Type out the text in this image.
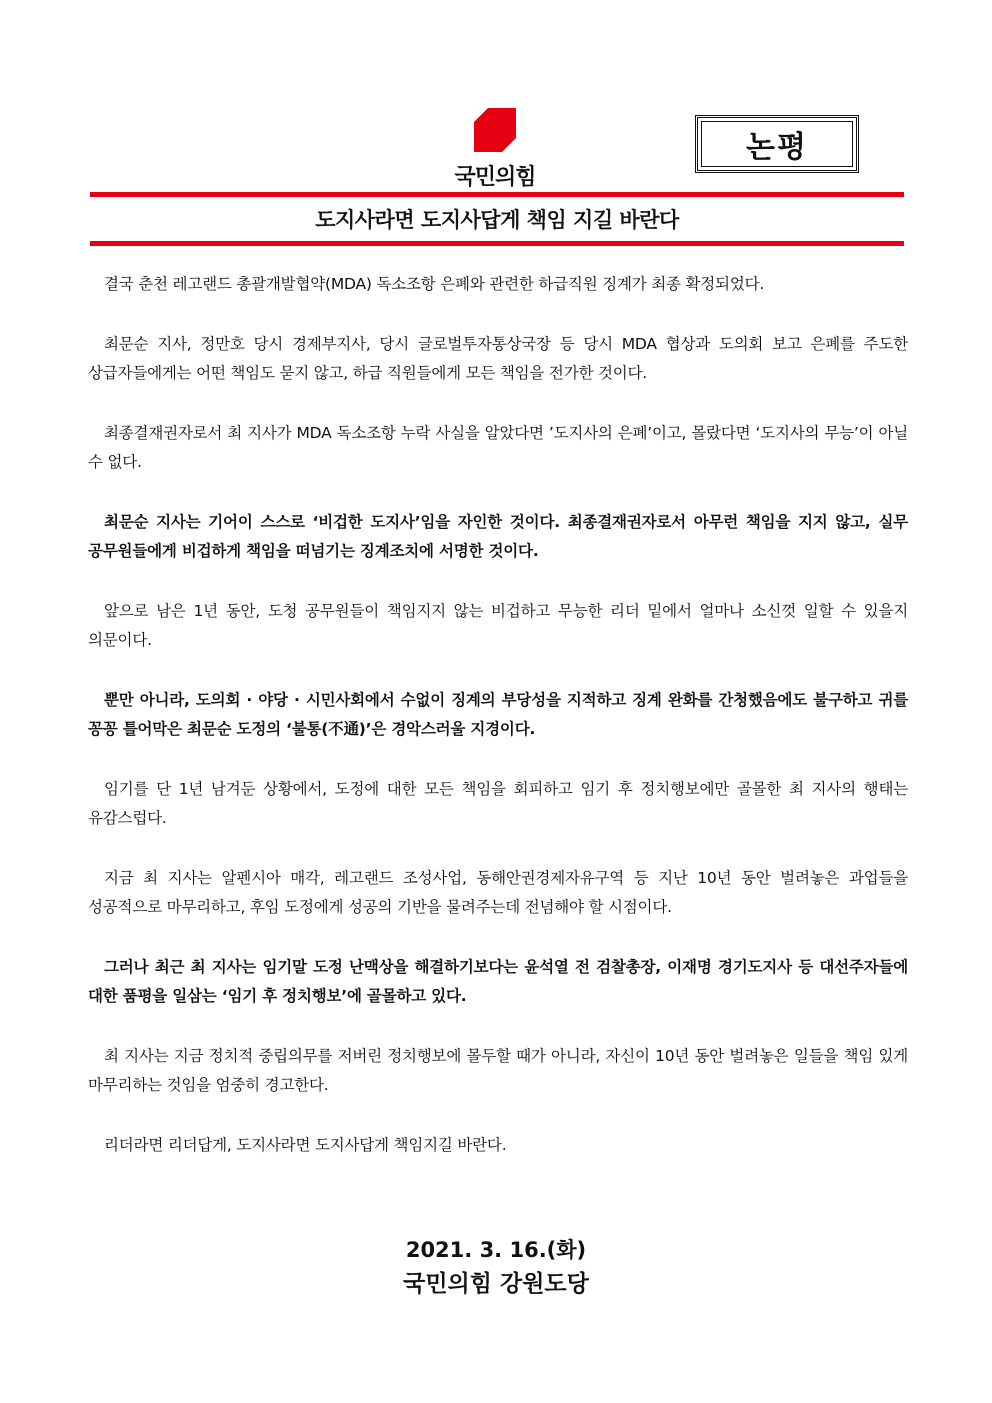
국민의힘
논평
도지사라면 도지사답게 책임 지길 바란다

결국 춘천 레고랜드 총괄개발협약(MDA) 독소조항 은폐와 관련한 하급직원 징계가 최종 확정되었다.

최문순 지사, 정만호 당시 경제부지사, 당시 글로벌투자통상국장 등 당시 MDA 협상과 도의회 보고 은폐를 주도한 상급자들에게는 어떤 책임도 묻지 않고, 하급 직원들에게 모든 책임을 전가한 것이다.

최종결재권자로서 최 지사가 MDA 독소조항 누락 사실을 알았다면 ’도지사의 은폐’이고, 몰랐다면 ‘도지사의 무능’이 아닐 수 없다.

최문순 지사는 기어이 스스로 ‘비겁한 도지사’임을 자인한 것이다. 최종결재권자로서 아무런 책임을 지지 않고, 실무 공무원들에게 비겁하게 책임을 떠넘기는 징계조치에 서명한 것이다.

앞으로 남은 1년 동안, 도청 공무원들이 책임지지 않는 비겁하고 무능한 리더 밑에서 얼마나 소신껏 일할 수 있을지 의문이다.

뿐만 아니라, 도의회 · 야당 · 시민사회에서 수없이 징계의 부당성을 지적하고 징계 완화를 간청했음에도 불구하고 귀를 꽁꽁 틀어막은 최문순 도정의 ‘불통(不通)’은 경악스러울 지경이다.

임기를 단 1년 남겨둔 상황에서, 도정에 대한 모든 책임을 회피하고 임기 후 정치행보에만 골몰한 최 지사의 행태는 유감스럽다.

지금 최 지사는 알펜시아 매각, 레고랜드 조성사업, 동해안권경제자유구역 등 지난 10년 동안 벌려놓은 과업들을 성공적으로 마무리하고, 후임 도정에게 성공의 기반을 물려주는데 전념해야 할 시점이다.

그러나 최근 최 지사는 임기말 도정 난맥상을 해결하기보다는 윤석열 전 검찰총장, 이재명 경기도지사 등 대선주자들에 대한 품평을 일삼는 ‘임기 후 정치행보’에 골몰하고 있다.

최 지사는 지금 정치적 중립의무를 저버린 정치행보에 몰두할 때가 아니라, 자신이 10년 동안 벌려놓은 일들을 책임 있게 마무리하는 것임을 엄중히 경고한다.

리더라면 리더답게, 도지사라면 도지사답게 책임지길 바란다.

2021. 3. 16.(화)
국민의힘 강원도당
